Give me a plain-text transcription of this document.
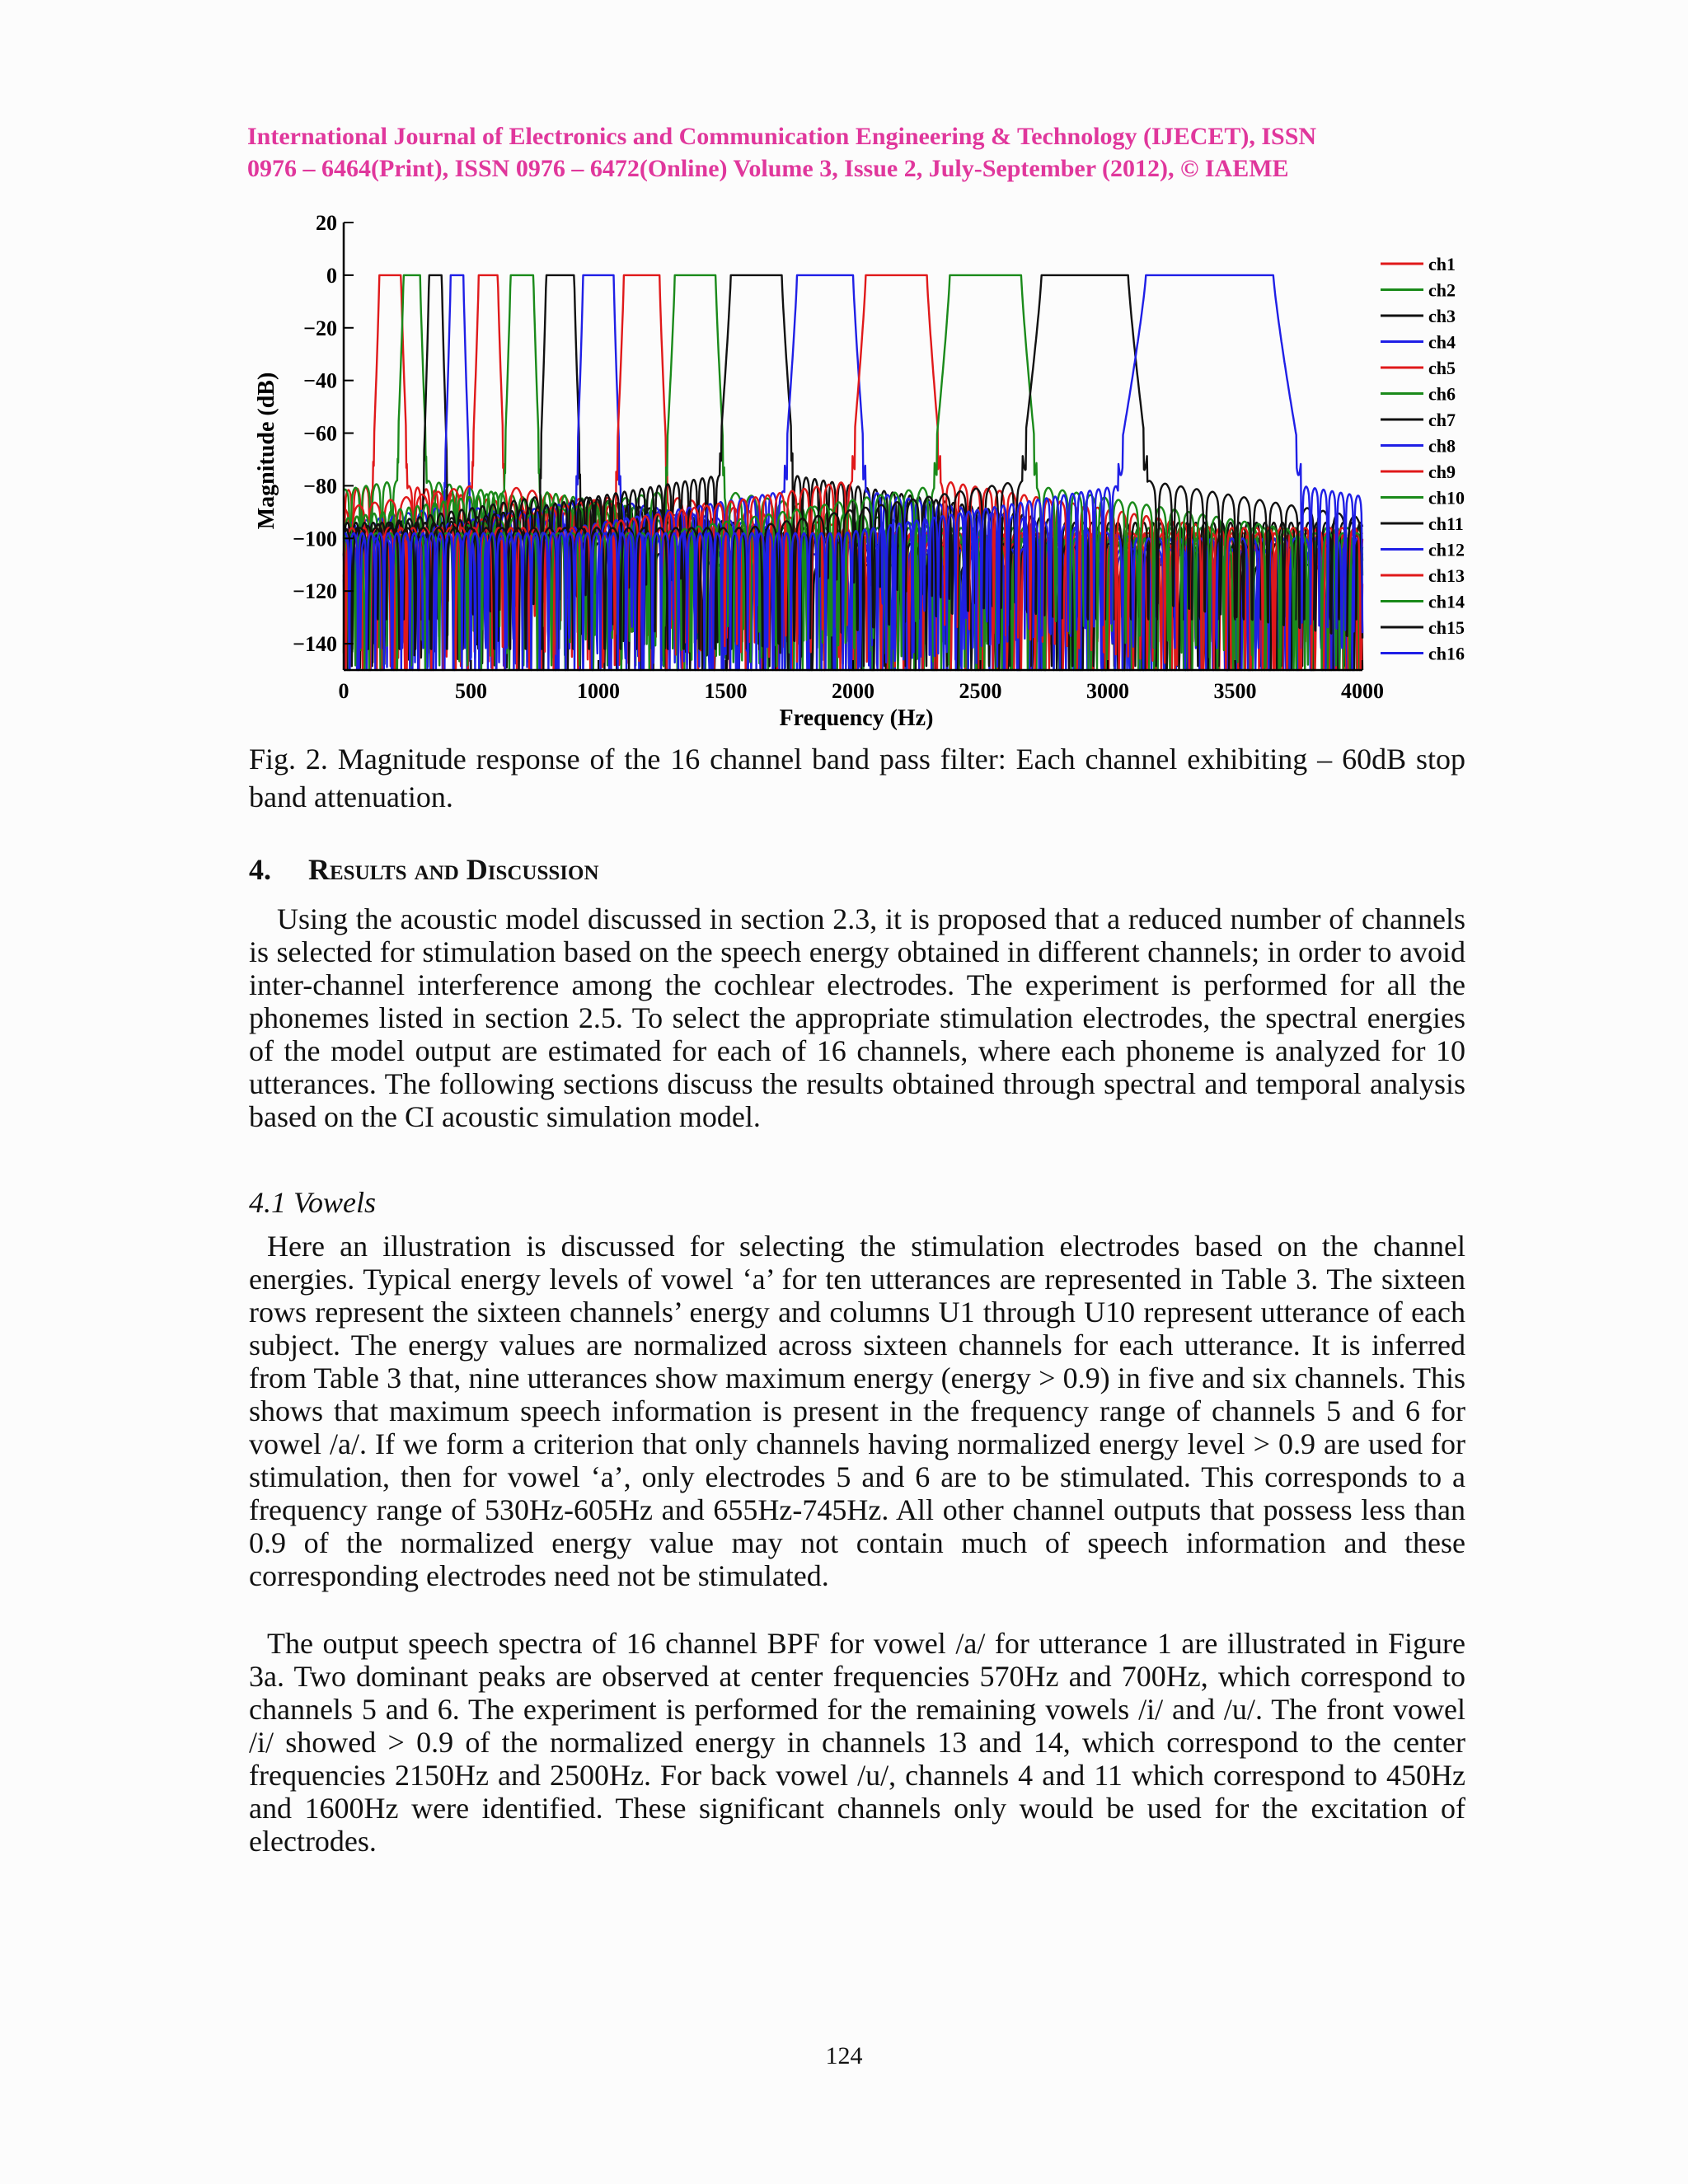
International Journal of Electronics and Communication Engineering & Technology (IJECET), ISSN
0976 – 6464(Print), ISSN 0976 – 6472(Online) Volume 3, Issue 2, July-September (2012), © IAEME
20
0
−20
−40
−60
−80
−100
−120
−140
0	500	1000	1500	2000	2500	3000	3500	4000
Frequency (Hz)
Magnitude (dB)
ch1
ch2
ch3
ch4
ch5
ch6
ch7
ch8
ch9
ch10
ch11
ch12
ch13
ch14
ch15
ch16
Fig. 2. Magnitude response of the 16 channel band pass filter: Each channel exhibiting – 60dB stop band attenuation.
4. Results and Discussion

Using the acoustic model discussed in section 2.3, it is proposed that a reduced number of channels is selected for stimulation based on the speech energy obtained in different channels; in order to avoid inter-channel interference among the cochlear electrodes. The experiment is performed for all the phonemes listed in section 2.5. To select the appropriate stimulation electrodes, the spectral energies of the model output are estimated for each of 16 channels, where each phoneme is analyzed for 10 utterances. The following sections discuss the results obtained through spectral and temporal analysis based on the CI acoustic simulation model.

4.1 Vowels

Here an illustration is discussed for selecting the stimulation electrodes based on the channel energies. Typical energy levels of vowel ‘a’ for ten utterances are represented in Table 3. The sixteen rows represent the sixteen channels’ energy and columns U1 through U10 represent utterance of each subject. The energy values are normalized across sixteen channels for each utterance. It is inferred from Table 3 that, nine utterances show maximum energy (energy > 0.9) in five and six channels. This shows that maximum speech information is present in the frequency range of channels 5 and 6 for vowel /a/. If we form a criterion that only channels having normalized energy level > 0.9 are used for stimulation, then for vowel ‘a’, only electrodes 5 and 6 are to be stimulated. This corresponds to a frequency range of 530Hz-605Hz and 655Hz-745Hz. All other channel outputs that possess less than 0.9 of the normalized energy value may not contain much of speech information and these corresponding electrodes need not be stimulated.

The output speech spectra of 16 channel BPF for vowel /a/ for utterance 1 are illustrated in Figure 3a. Two dominant peaks are observed at center frequencies 570Hz and 700Hz, which correspond to channels 5 and 6. The experiment is performed for the remaining vowels /i/ and /u/. The front vowel /i/ showed > 0.9 of the normalized energy in channels 13 and 14, which correspond to the center frequencies 2150Hz and 2500Hz. For back vowel /u/, channels 4 and 11 which correspond to 450Hz and 1600Hz were identified. These significant channels only would be used for the excitation of electrodes.

124
